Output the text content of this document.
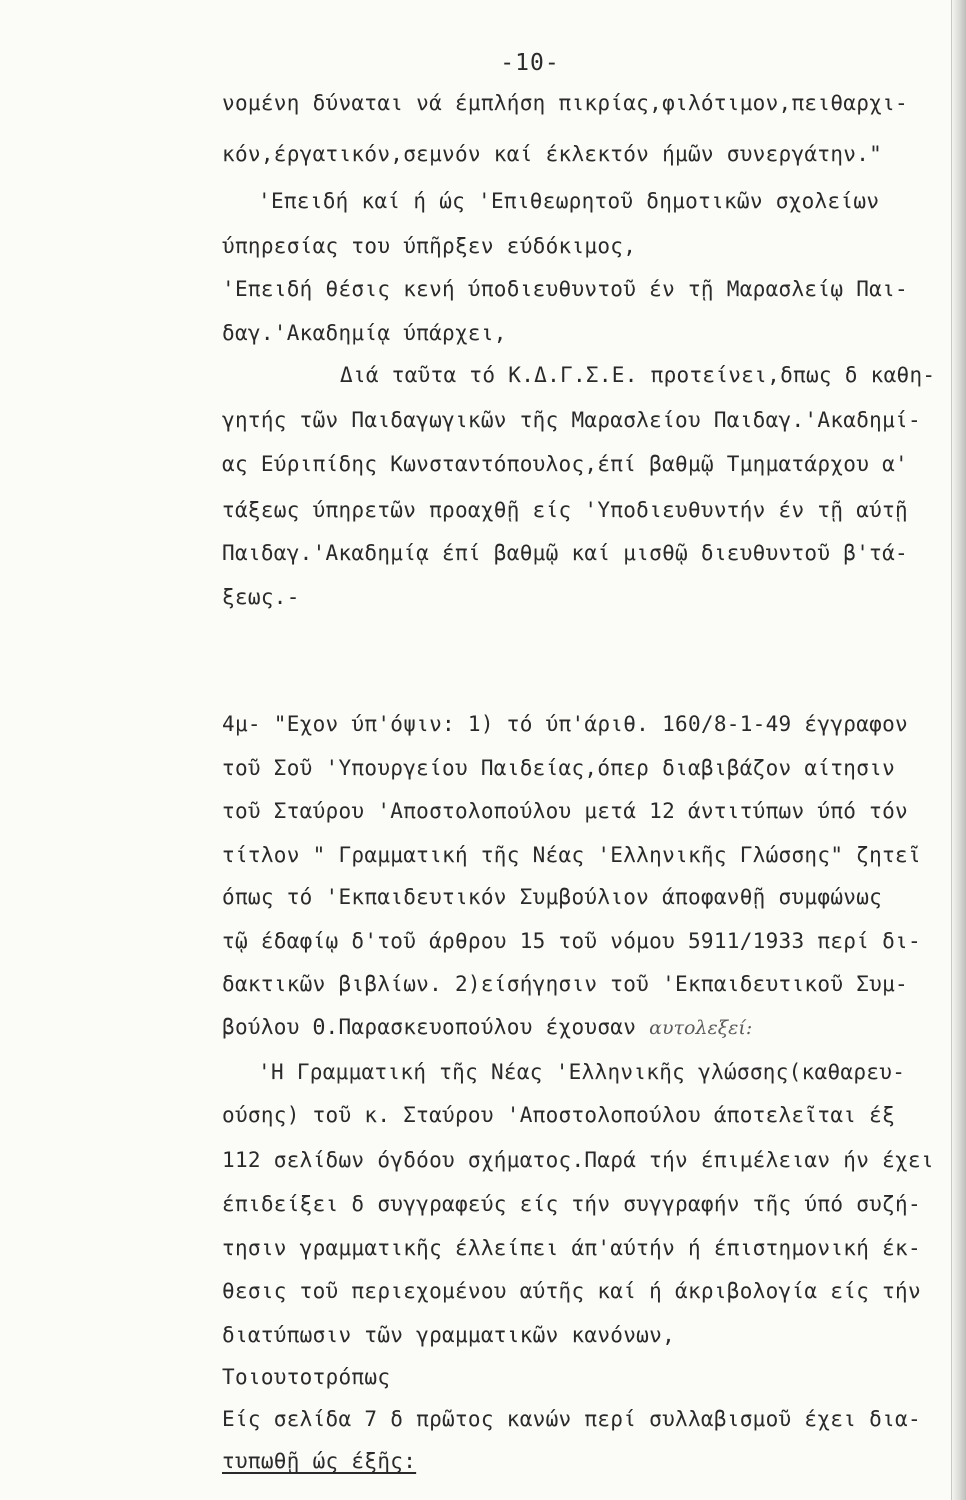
-10-
νομένη δύναται νά έμπλήση πικρίας,φιλότιμον,πειθαρχι-
κόν,έργατικόν,σεμνόν καί έκλεκτόν ήμῶν συνεργάτην."
'Επειδή καί ή ώς 'Επιθεωρητοῦ δημοτικῶν σχολείων
ύπηρεσίας του ύπῆρξεν εύδόκιμος,
'Επειδή θέσις κενή ύποδιευθυντοῦ έν τῇ Μαρασλείῳ Παι-
δαγ.'Ακαδημίᾳ ύπάρχει,
Διά ταῦτα τό Κ.Δ.Γ.Σ.Ε. προτείνει,δπως δ καθη-
γητής τῶν Παιδαγωγικῶν τῆς Μαρασλείου Παιδαγ.'Ακαδημί-
ας Εύριπίδης Κωνσταντόπουλος,έπί βαθμῷ Τμηματάρχου α'
τάξεως ύπηρετῶν προαχθῇ είς 'Υποδιευθυντήν έν τῇ αύτῇ
Παιδαγ.'Ακαδημίᾳ έπί βαθμῷ καί μισθῷ διευθυντοῦ β'τά-
ξεως.-
4μ- "Εχον ύπ'όψιν: 1) τό ύπ'άριθ. 160/8-1-49 έγγραφον
τοῦ Σοῦ 'Υπουργείου Παιδείας,όπερ διαβιβάζον αίτησιν
τοῦ Σταύρου 'Αποστολοπούλου μετά 12 άντιτύπων ύπό τόν
τίτλον " Γραμματική τῆς Νέας 'Ελληνικῆς Γλώσσης" ζητεῖ
όπως τό 'Εκπαιδευτικόν Συμβούλιον άποφανθῇ συμφώνως
τῷ έδαφίῳ δ'τοῦ άρθρου 15 τοῦ νόμου 5911/1933 περί δι-
δακτικῶν βιβλίων. 2)είσήγησιν τοῦ 'Εκπαιδευτικοῦ Συμ-
βούλου Θ.Παρασκευοπούλου έχουσαν αυτολεξεί:
'Η Γραμματική τῆς Νέας 'Ελληνικῆς γλώσσης(καθαρευ-
ούσης) τοῦ κ. Σταύρου 'Αποστολοπούλου άποτελεῖται έξ
112 σελίδων όγδόου σχήματος.Παρά τήν έπιμέλειαν ήν έχει
έπιδείξει δ συγγραφεύς είς τήν συγγραφήν τῆς ύπό συζή-
τησιν γραμματικῆς έλλείπει άπ'αύτήν ή έπιστημονική έκ-
θεσις τοῦ περιεχομένου αύτῆς καί ή άκριβολογία είς τήν
διατύπωσιν τῶν γραμματικῶν κανόνων,
Τοιουτοτρόπως
Είς σελίδα 7 δ πρῶτος κανών περί συλλαβισμοῦ έχει δια-
τυπωθῇ ώς έξῆς:
